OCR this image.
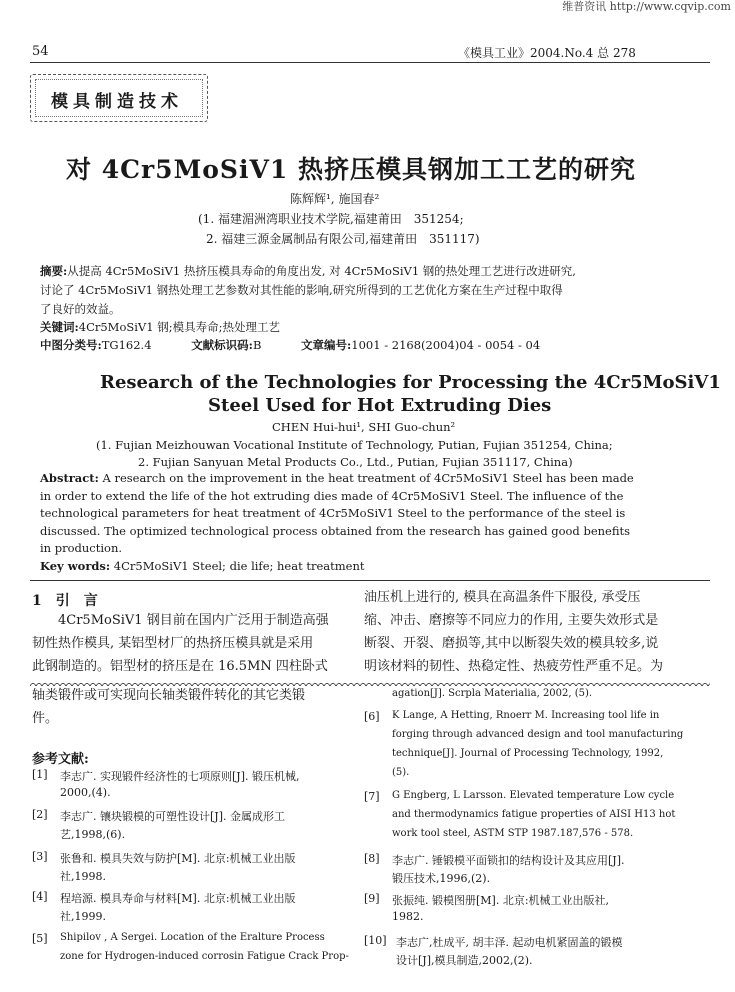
维普资讯 http://www.cqvip.com
54	《模具工业》2004.No.4 总 278
模具制造技术
对 4Cr5MoSiV1 热挤压模具钢加工工艺的研究
陈辉辉¹, 施国春²
(1. 福建湄洲湾职业技术学院,福建莆田　351254;
2. 福建三源金属制品有限公司,福建莆田　351117)
摘要:从提高 4Cr5MoSiV1 热挤压模具寿命的角度出发, 对 4Cr5MoSiV1 钢的热处理工艺进行改进研究,
讨论了 4Cr5MoSiV1 钢热处理工艺参数对其性能的影响,研究所得到的工艺优化方案在生产过程中取得
了良好的效益。
关键词:4Cr5MoSiV1 钢;模具寿命;热处理工艺
中图分类号:TG162.4	文献标识码:B	文章编号:1001 - 2168(2004)04 - 0054 - 04
Research of the Technologies for Processing the 4Cr5MoSiV1
Steel Used for Hot Extruding Dies
CHEN Hui-hui¹, SHI Guo-chun²
(1. Fujian Meizhouwan Vocational Institute of Technology, Putian, Fujian 351254, China;
2. Fujian Sanyuan Metal Products Co., Ltd., Putian, Fujian 351117, China)
Abstract: A research on the improvement in the heat treatment of 4Cr5MoSiV1 Steel has been made
in order to extend the life of the hot extruding dies made of 4Cr5MoSiV1 Steel. The influence of the
technological parameters for heat treatment of 4Cr5MoSiV1 Steel to the performance of the steel is
discussed. The optimized technological process obtained from the research has gained good benefits
in production.
Key words: 4Cr5MoSiV1 Steel; die life; heat treatment
1　引　言
4Cr5MoSiV1 钢目前在国内广泛用于制造高强
韧性热作模具, 某铝型材厂的热挤压模具就是采用
此钢制造的。铝型材的挤压是在 16.5MN 四柱卧式
油压机上进行的, 模具在高温条件下服役, 承受压
缩、冲击、磨擦等不同应力的作用, 主要失效形式是
断裂、开裂、磨损等,其中以断裂失效的模具较多,说
明该材料的韧性、热稳定性、热疲劳性严重不足。为
轴类锻件或可实现向长轴类锻件转化的其它类锻
件。
参考文献:
[1] 李志广. 实现锻件经济性的七项原则[J]. 锻压机械,
2000,(4).
[2] 李志广. 镶块锻模的可塑性设计[J]. 金属成形工
艺,1998,(6).
[3] 张鲁和. 模具失效与防护[M]. 北京:机械工业出版
社,1998.
[4] 程培源. 模具寿命与材料[M]. 北京:机械工业出版
社,1999.
[5] Shipilov , A Sergei. Location of the Eralture Process
zone for Hydrogen-induced corrosin Fatigue Crack Prop-
agation[J]. Scrpla Materialia, 2002, (5).
[6] K Lange, A Hetting, Rnoerr M. Increasing tool life in
forging through advanced design and tool manufacturing
technique[J]. Journal of Processing Technology, 1992,
(5).
[7] G Engberg, L Larsson. Elevated temperature Low cycle
and thermodynamics fatigue properties of AISI H13 hot
work tool steel, ASTM STP 1987.187,576 - 578.
[8] 李志广. 锤锻模平面锁扣的结构设计及其应用[J].
锻压技术,1996,(2).
[9] 张振纯. 锻模图册[M]. 北京:机械工业出版社,
1982.
[10] 李志广,杜成平, 胡丰泽. 起动电机紧固盖的锻模
设计[J],模具制造,2002,(2).
